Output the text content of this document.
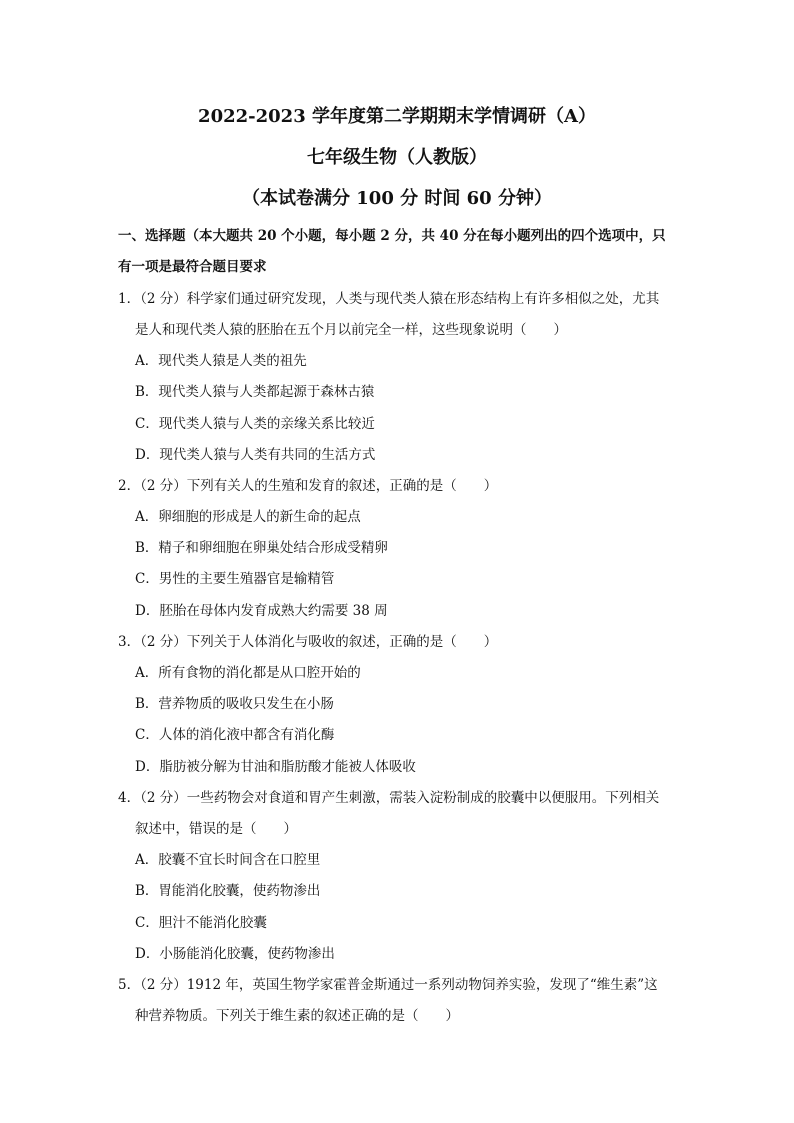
2022-2023 学年度第二学期期末学情调研（A）
七年级生物（人教版）
（本试卷满分 100 分 时间 60 分钟）
一、选择题（本大题共 20 个小题，每小题 2 分，共 40 分在每小题列出的四个选项中，只
有一项是最符合题目要求
1．（2 分）科学家们通过研究发现，人类与现代类人猿在形态结构上有许多相似之处，尤其
是人和现代类人猿的胚胎在五个月以前完全一样，这些现象说明（　　）
A．现代类人猿是人类的祖先
B．现代类人猿与人类都起源于森林古猿
C．现代类人猿与人类的亲缘关系比较近
D．现代类人猿与人类有共同的生活方式
2．（2 分）下列有关人的生殖和发育的叙述，正确的是（　　）
A．卵细胞的形成是人的新生命的起点
B．精子和卵细胞在卵巢处结合形成受精卵
C．男性的主要生殖器官是输精管
D．胚胎在母体内发育成熟大约需要 38 周
3．（2 分）下列关于人体消化与吸收的叙述，正确的是（　　）
A．所有食物的消化都是从口腔开始的
B．营养物质的吸收只发生在小肠
C．人体的消化液中都含有消化酶
D．脂肪被分解为甘油和脂肪酸才能被人体吸收
4．（2 分）一些药物会对食道和胃产生刺激，需装入淀粉制成的胶囊中以便服用。下列相关
叙述中，错误的是（　　）
A．胶囊不宜长时间含在口腔里
B．胃能消化胶囊，使药物渗出
C．胆汁不能消化胶囊
D．小肠能消化胶囊，使药物渗出
5．（2 分）1912 年，英国生物学家霍普金斯通过一系列动物饲养实验，发现了“维生素”这
种营养物质。下列关于维生素的叙述正确的是（　　）
